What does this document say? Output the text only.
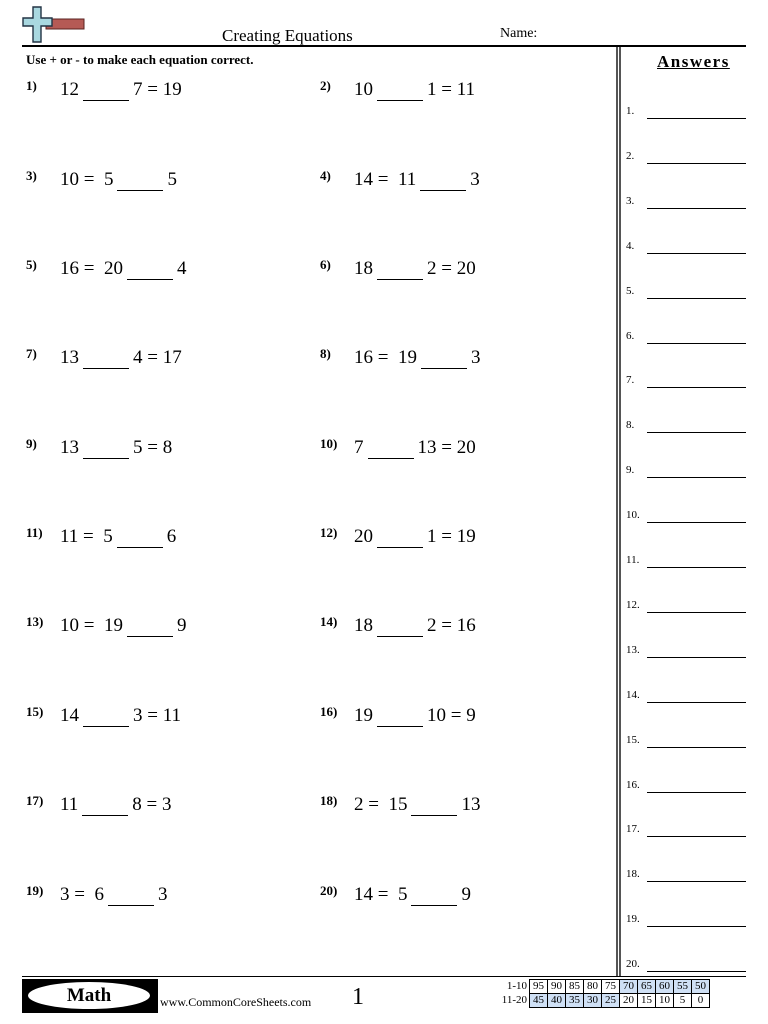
Creating Equations	Name:
Use + or - to make each equation correct.
1) 12	7 = 19	2) 10	1 = 11
3) 10 =  5	5	4) 14 =  11	3
5) 16 =  20	4	6) 18	2 = 20
7) 13	4 = 17	8) 16 =  19	3
9) 13	5 = 8	10) 7	13 = 20
11) 11 =  5	6	12) 20	1 = 19
13) 10 =  19	9	14) 18	2 = 16
15) 14	3 = 11	16) 19	10 = 9
17) 11	8 = 3	18) 2 =  15	13
19) 3 =  6	3	20) 14 =  5	9
Answers
1.
2.
3.
4.
5.
6.
7.
8.
9.
10.
11.
12.
13.
14.
15.
16.
17.
18.
19.
20.
Math	www.CommonCoreSheets.com 1	1-10	95	90	85	80	75	70	65	60	55	50
11-20	45	40	35	30	25	20	15	10	5	0
